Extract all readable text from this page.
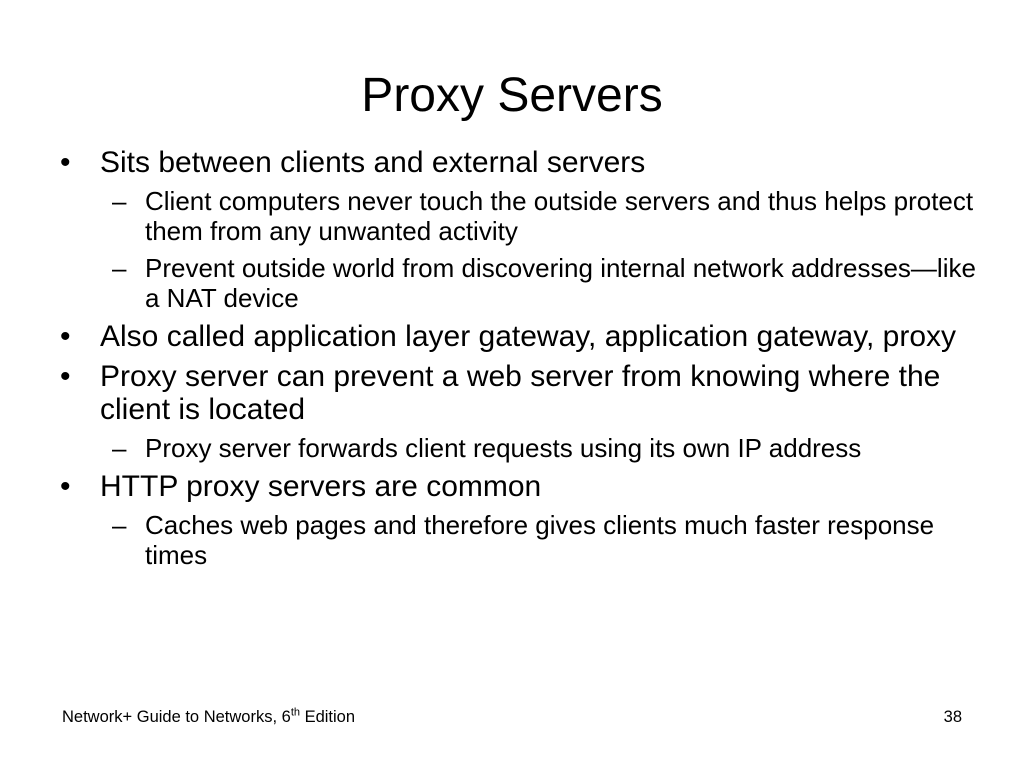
Proxy Servers
• Sits between clients and external servers
– Client computers never touch the outside servers and thus helps protect them from any unwanted activity
– Prevent outside world from discovering internal network addresses—like a NAT device
• Also called application layer gateway, application gateway, proxy
• Proxy server can prevent a web server from knowing where the client is located
– Proxy server forwards client requests using its own IP address
• HTTP proxy servers are common
– Caches web pages and therefore gives clients much faster response times
Network+ Guide to Networks, 6th Edition	38
